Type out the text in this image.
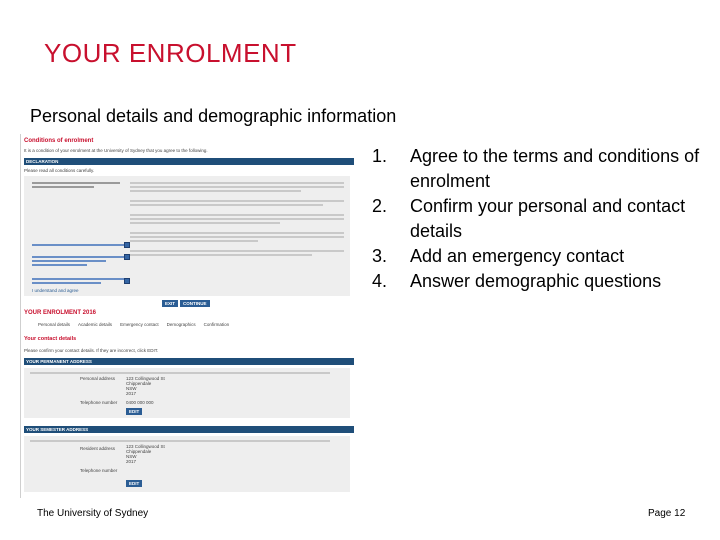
YOUR ENROLMENT
Personal details and demographic information
Conditions of enrolment
It is a condition of your enrolment at the University of Sydney that you agree to the following.
DECLARATION
Please read all conditions carefully.
I understand and agree
EXIT	CONTINUE
YOUR ENROLMENT 2016
Personal details Academic details Emergency contact Demographics Confirmation
Your contact details
Please confirm your contact details. If they are incorrect, click EDIT.
YOUR PERMANENT ADDRESS
Personal address 123 Collingwood St
Chippendale
NSW
2017
Telephone number 0400 000 000
EDIT
YOUR SEMESTER ADDRESS
Resident address 123 Collingwood St
Chippendale
NSW
2017
Telephone number
EDIT
1.	Agree to the terms and conditions of enrolment
2.	Confirm your personal and contact details
3.	Add an emergency contact
4.	Answer demographic questions
The University of Sydney	Page 12
